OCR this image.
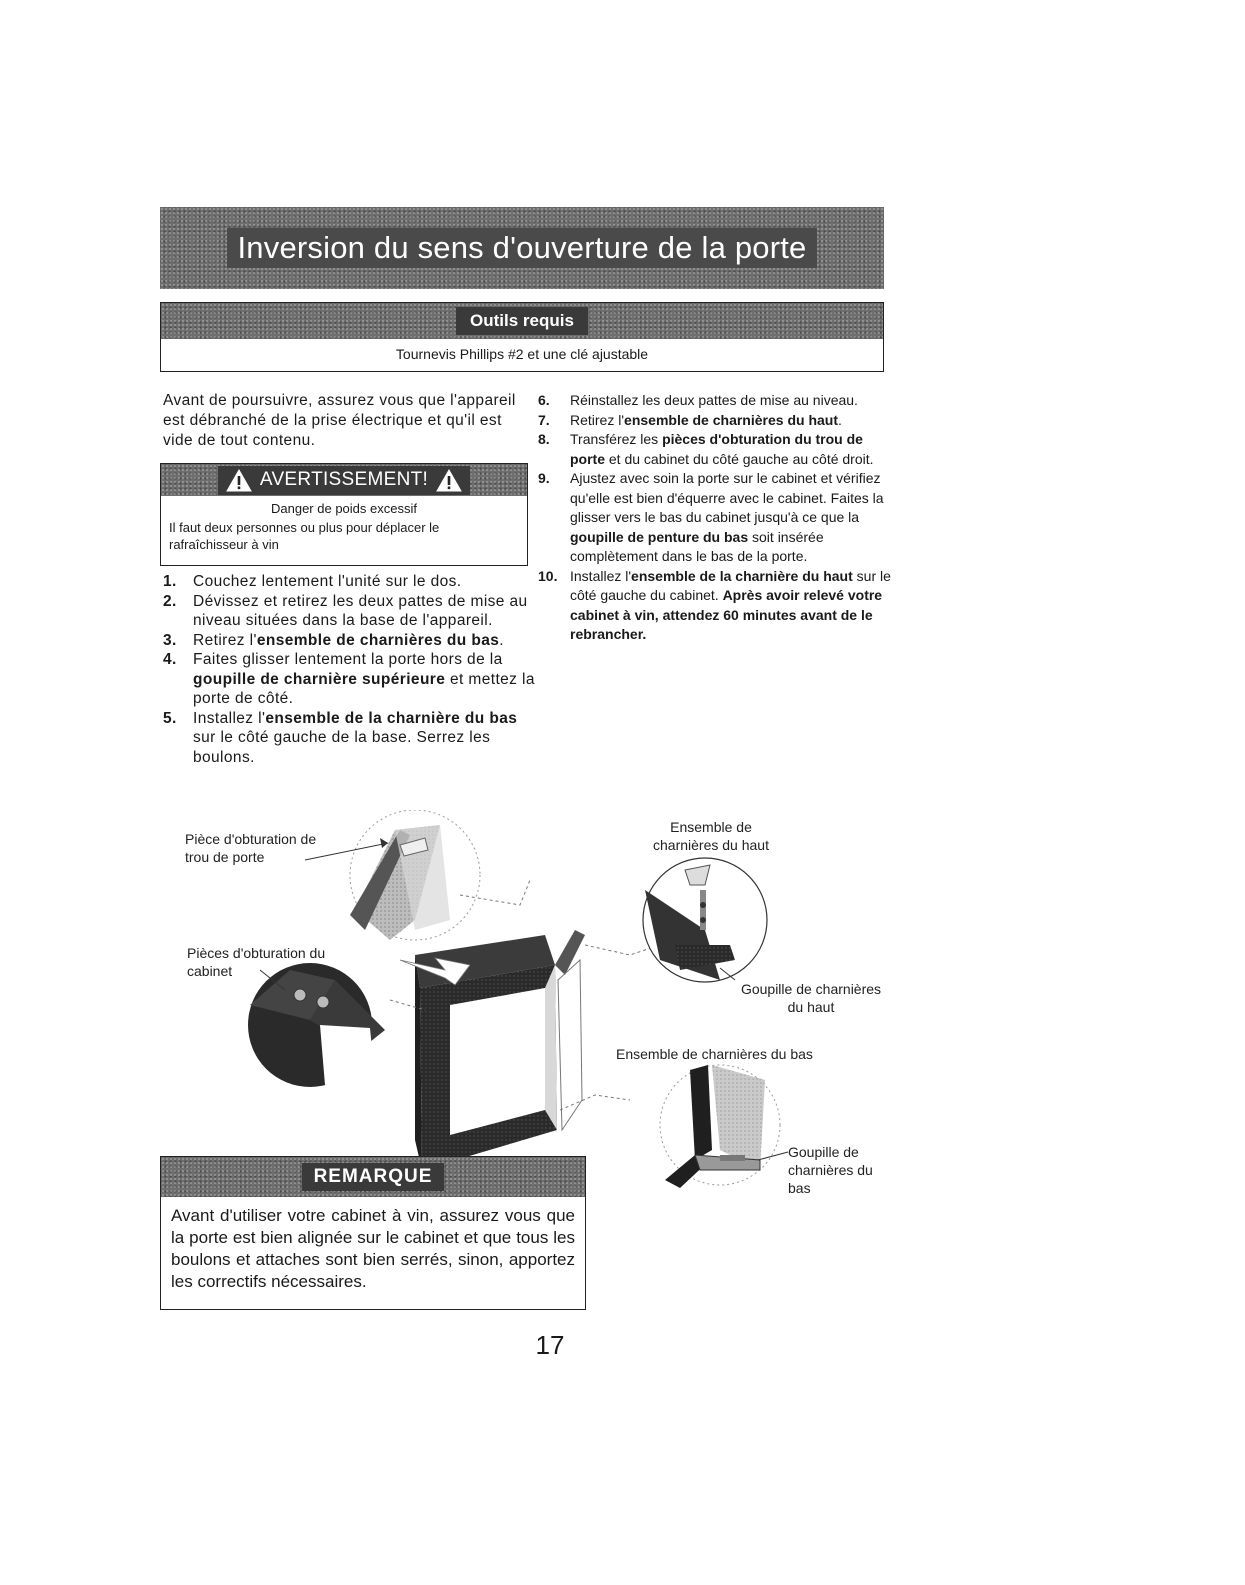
Inversion du sens d'ouverture de la porte
Outils requis
Tournevis Phillips #2 et une clé ajustable
Avant de poursuivre, assurez vous que l'appareil est débranché de la prise électrique et qu'il est vide de tout contenu.
AVERTISSEMENT!
Danger de poids excessif
Il faut deux personnes ou plus pour déplacer le rafraîchisseur à vin
1.	Couchez lentement l'unité sur le dos.
2.	Dévissez et retirez les deux pattes de mise au niveau situées dans la base de l'appareil.
3.	Retirez l'ensemble de charnières du bas.
4.	Faites glisser lentement la porte hors de la goupille de charnière supérieure et mettez la porte de côté.
5.	Installez l'ensemble de la charnière du bas sur le côté gauche de la base. Serrez les boulons.
6.	Réinstallez les deux pattes de mise au niveau.
7.	Retirez l'ensemble de charnières du haut.
8.	Transférez les pièces d'obturation du trou de porte et du cabinet du côté gauche au côté droit.
9.	Ajustez avec soin la porte sur le cabinet et vérifiez qu'elle est bien d'équerre avec le cabinet. Faites la glisser vers le bas du cabinet jusqu'à ce que la goupille de penture du bas soit insérée complètement dans le bas de la porte.
10. Installez l'ensemble de la charnière du haut sur le côté gauche du cabinet. Après avoir relevé votre cabinet à vin, attendez 60 minutes avant de le rebrancher.
Pièce d'obturation de trou de porte
Pièces d'obturation du cabinet
Ensemble de charnières du haut
Goupille de charnières du haut
Ensemble de charnières du bas
Goupille de charnières du bas
REMARQUE
Avant d'utiliser votre cabinet à vin, assurez vous que la porte est bien alignée sur le cabinet et que tous les boulons et attaches sont bien serrés, sinon, apportez les correctifs nécessaires.
17
